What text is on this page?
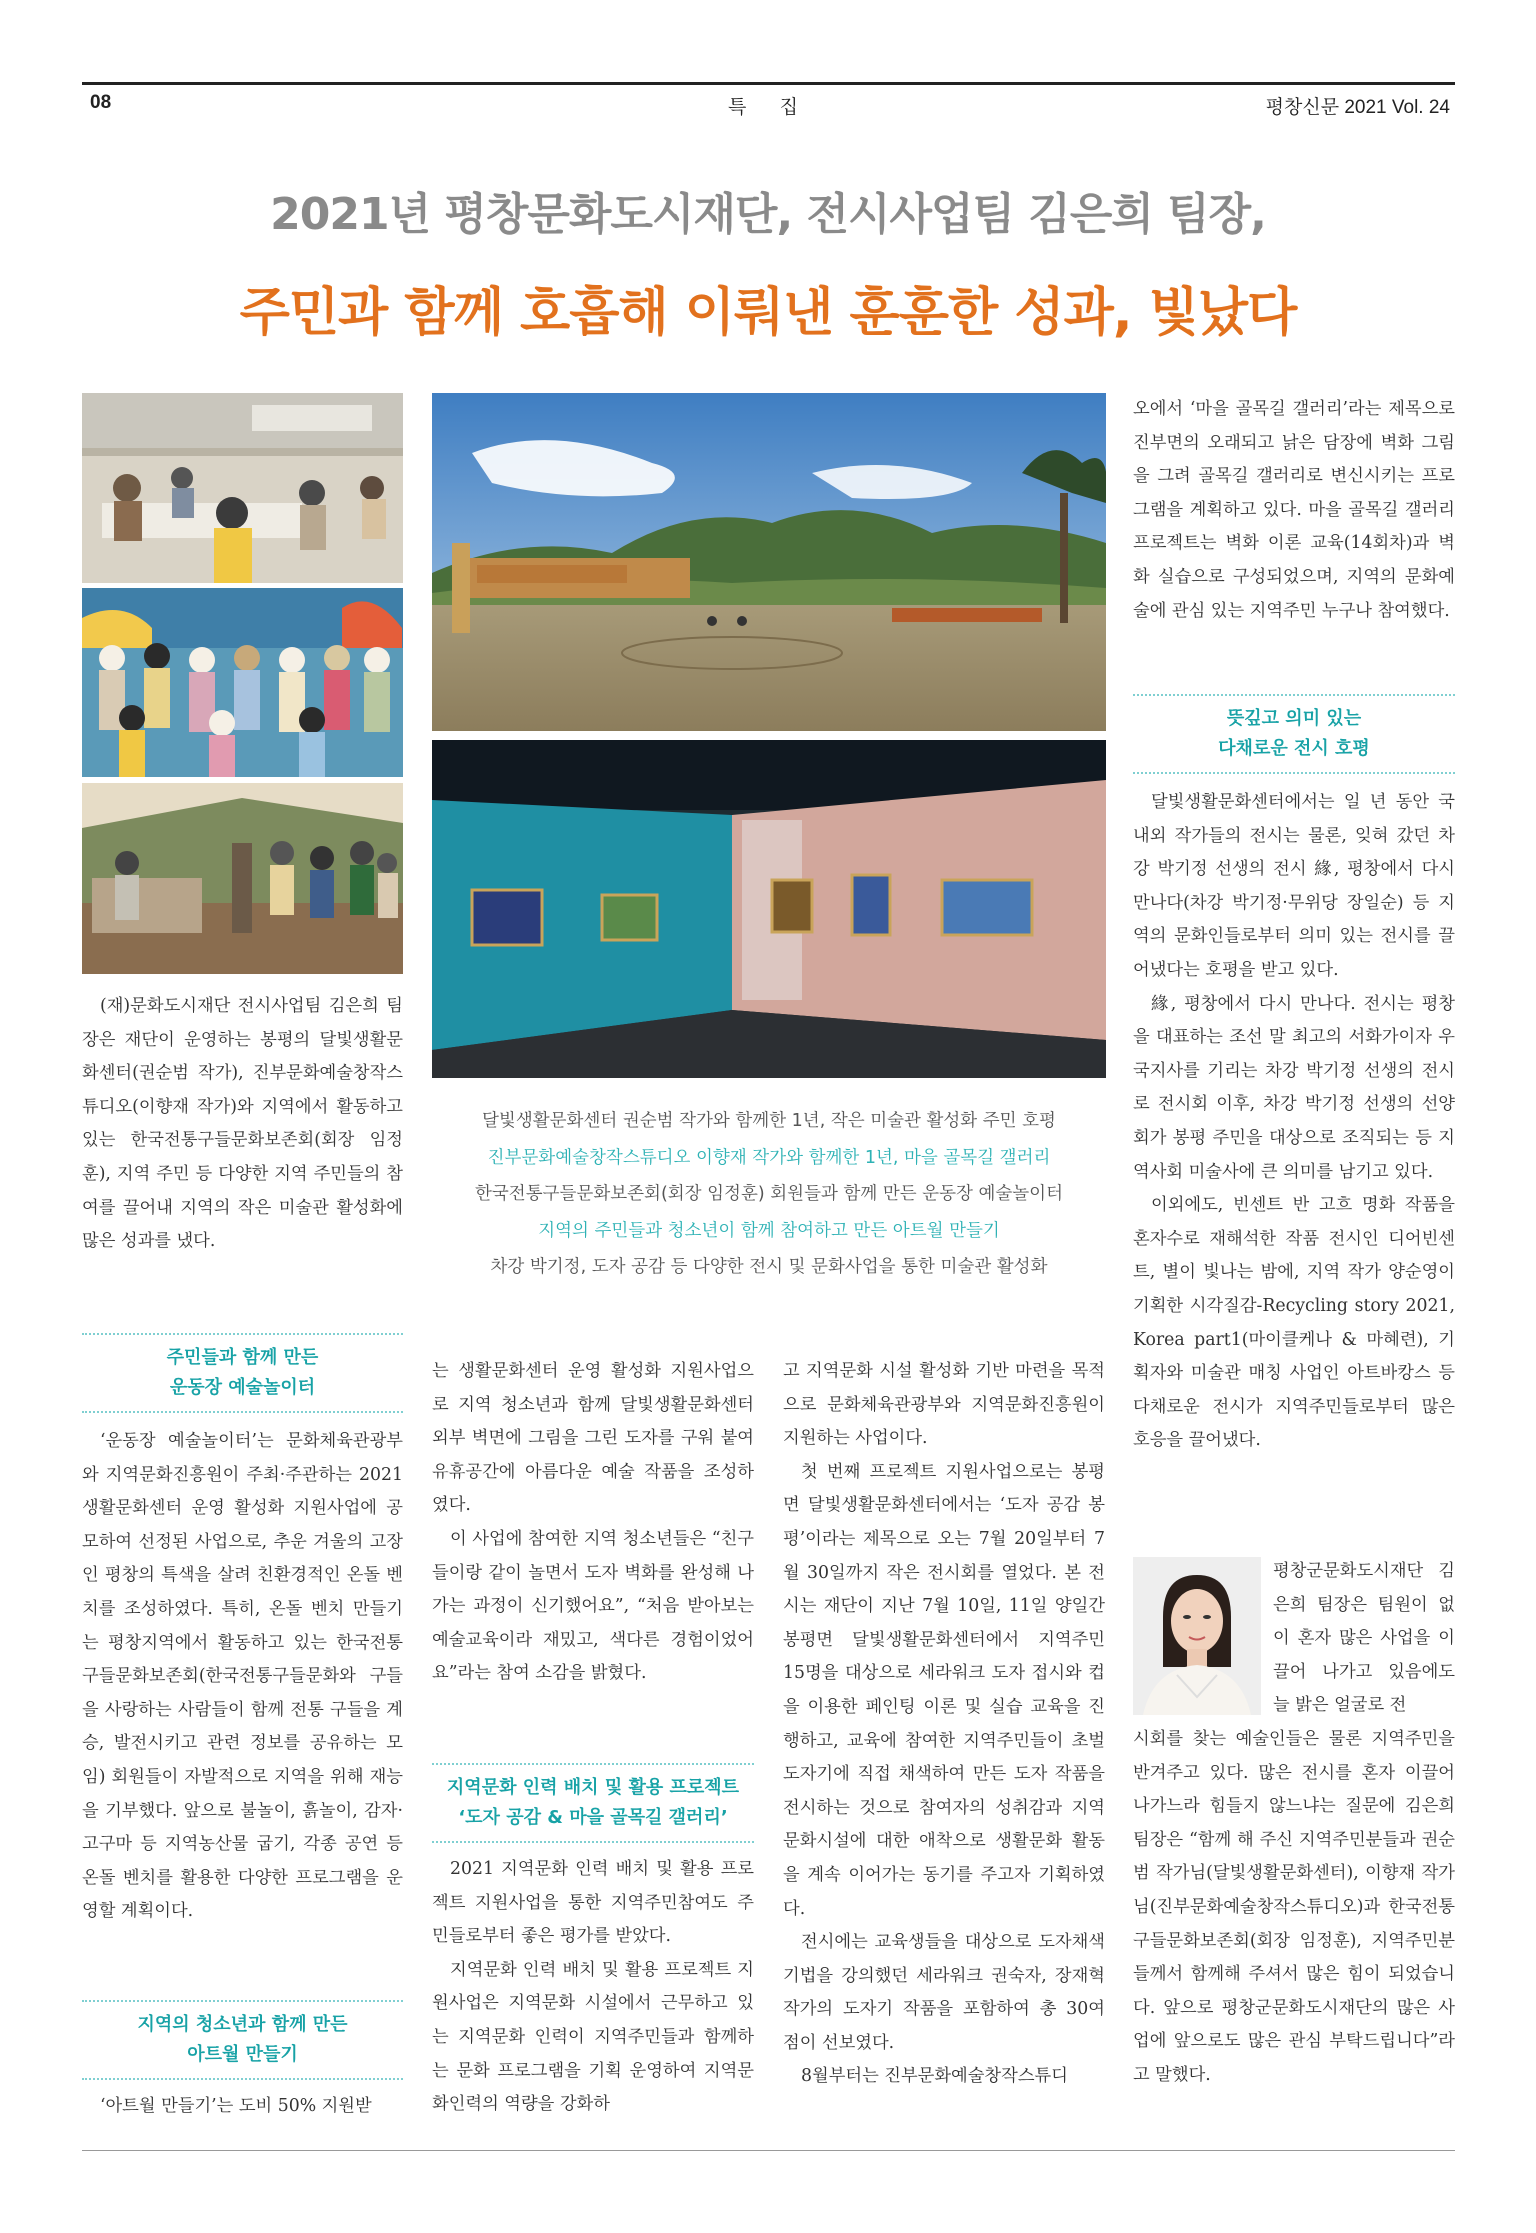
08	특 집	평창신문 2021 Vol. 24
2021년 평창문화도시재단, 전시사업팀 김은희 팀장,
주민과 함께 호흡해 이뤄낸 훈훈한 성과, 빛났다
달빛생활문화센터 권순범 작가와 함께한 1년, 작은 미술관 활성화 주민 호평
진부문화예술창작스튜디오 이향재 작가와 함께한 1년, 마을 골목길 갤러리
한국전통구들문화보존회(회장 임정훈) 회원들과 함께 만든 운동장 예술놀이터
지역의 주민들과 청소년이 함께 참여하고 만든 아트월 만들기
차강 박기정, 도자 공감 등 다양한 전시 및 문화사업을 통한 미술관 활성화

(재)문화도시재단 전시사업팀 김은희 팀장은 재단이 운영하는 봉평의 달빛생활문화센터(권순범 작가), 진부문화예술창작스튜디오(이향재 작가)와 지역에서 활동하고 있는 한국전통구들문화보존회(회장 임정훈), 지역 주민 등 다양한 지역 주민들의 참여를 끌어내 지역의 작은 미술관 활성화에 많은 성과를 냈다.

주민들과 함께 만든
운동장 예술놀이터

‘운동장 예술놀이터’는 문화체육관광부와 지역문화진흥원이 주최·주관하는 2021 생활문화센터 운영 활성화 지원사업에 공모하여 선정된 사업으로, 추운 겨울의 고장인 평창의 특색을 살려 친환경적인 온돌 벤치를 조성하였다. 특히, 온돌 벤치 만들기는 평창지역에서 활동하고 있는 한국전통구들문화보존회(한국전통구들문화와 구들을 사랑하는 사람들이 함께 전통 구들을 계승, 발전시키고 관련 정보를 공유하는 모임) 회원들이 자발적으로 지역을 위해 재능을 기부했다. 앞으로 불놀이, 흙놀이, 감자·고구마 등 지역농산물 굽기, 각종 공연 등 온돌 벤치를 활용한 다양한 프로그램을 운영할 계획이다.

지역의 청소년과 함께 만든
아트월 만들기

‘아트월 만들기’는 도비 50% 지원받

는 생활문화센터 운영 활성화 지원사업으로 지역 청소년과 함께 달빛생활문화센터 외부 벽면에 그림을 그린 도자를 구워 붙여 유휴공간에 아름다운 예술 작품을 조성하였다.

이 사업에 참여한 지역 청소년들은 “친구들이랑 같이 놀면서 도자 벽화를 완성해 나가는 과정이 신기했어요”, “처음 받아보는 예술교육이라 재밌고, 색다른 경험이었어요”라는 참여 소감을 밝혔다.

지역문화 인력 배치 및 활용 프로젝트
‘도자 공감 & 마을 골목길 갤러리’

2021 지역문화 인력 배치 및 활용 프로젝트 지원사업을 통한 지역주민참여도 주민들로부터 좋은 평가를 받았다.

지역문화 인력 배치 및 활용 프로젝트 지원사업은 지역문화 시설에서 근무하고 있는 지역문화 인력이 지역주민들과 함께하는 문화 프로그램을 기획 운영하여 지역문화인력의 역량을 강화하

고 지역문화 시설 활성화 기반 마련을 목적으로 문화체육관광부와 지역문화진흥원이 지원하는 사업이다.

첫 번째 프로젝트 지원사업으로는 봉평면 달빛생활문화센터에서는 ‘도자 공감 봉평’이라는 제목으로 오는 7월 20일부터 7월 30일까지 작은 전시회를 열었다. 본 전시는 재단이 지난 7월 10일, 11일 양일간 봉평면 달빛생활문화센터에서 지역주민 15명을 대상으로 세라워크 도자 접시와 컵을 이용한 페인팅 이론 및 실습 교육을 진행하고, 교육에 참여한 지역주민들이 초벌 도자기에 직접 채색하여 만든 도자 작품을 전시하는 것으로 참여자의 성취감과 지역문화시설에 대한 애착으로 생활문화 활동을 계속 이어가는 동기를 주고자 기획하였다.

전시에는 교육생들을 대상으로 도자채색기법을 강의했던 세라워크 권숙자, 장재혁 작가의 도자기 작품을 포함하여 총 30여 점이 선보였다.

8월부터는 진부문화예술창작스튜디

오에서 ‘마을 골목길 갤러리’라는 제목으로 진부면의 오래되고 낡은 담장에 벽화 그림을 그려 골목길 갤러리로 변신시키는 프로그램을 계획하고 있다. 마을 골목길 갤러리 프로젝트는 벽화 이론 교육(14회차)과 벽화 실습으로 구성되었으며, 지역의 문화예술에 관심 있는 지역주민 누구나 참여했다.

뜻깊고 의미 있는
다채로운 전시 호평

달빛생활문화센터에서는 일 년 동안 국내외 작가들의 전시는 물론, 잊혀 갔던 차강 박기정 선생의 전시 緣, 평창에서 다시 만나다(차강 박기정·무위당 장일순) 등 지역의 문화인들로부터 의미 있는 전시를 끌어냈다는 호평을 받고 있다.

緣, 평창에서 다시 만나다. 전시는 평창을 대표하는 조선 말 최고의 서화가이자 우국지사를 기리는 차강 박기정 선생의 전시로 전시회 이후, 차강 박기정 선생의 선양회가 봉평 주민을 대상으로 조직되는 등 지역사회 미술사에 큰 의미를 남기고 있다.

이외에도, 빈센트 반 고흐 명화 작품을 혼자수로 재해석한 작품 전시인 디어빈센트, 별이 빛나는 밤에, 지역 작가 양순영이 기획한 시각질감-Recycling story 2021, Korea part1(마이클케나 & 마혜련), 기획자와 미술관 매칭 사업인 아트바캉스 등 다채로운 전시가 지역주민들로부터 많은 호응을 끌어냈다.

평창군문화도시재단 김은희 팀장은 팀원이 없이 혼자 많은 사업을 이끌어 나가고 있음에도 늘 밝은 얼굴로 전

시회를 찾는 예술인들은 물론 지역주민을 반겨주고 있다. 많은 전시를 혼자 이끌어 나가느라 힘들지 않느냐는 질문에 김은희 팀장은 “함께 해 주신 지역주민분들과 권순범 작가님(달빛생활문화센터), 이향재 작가님(진부문화예술창작스튜디오)과 한국전통구들문화보존회(회장 임정훈), 지역주민분들께서 함께해 주셔서 많은 힘이 되었습니다. 앞으로 평창군문화도시재단의 많은 사업에 앞으로도 많은 관심 부탁드립니다”라고 말했다.
